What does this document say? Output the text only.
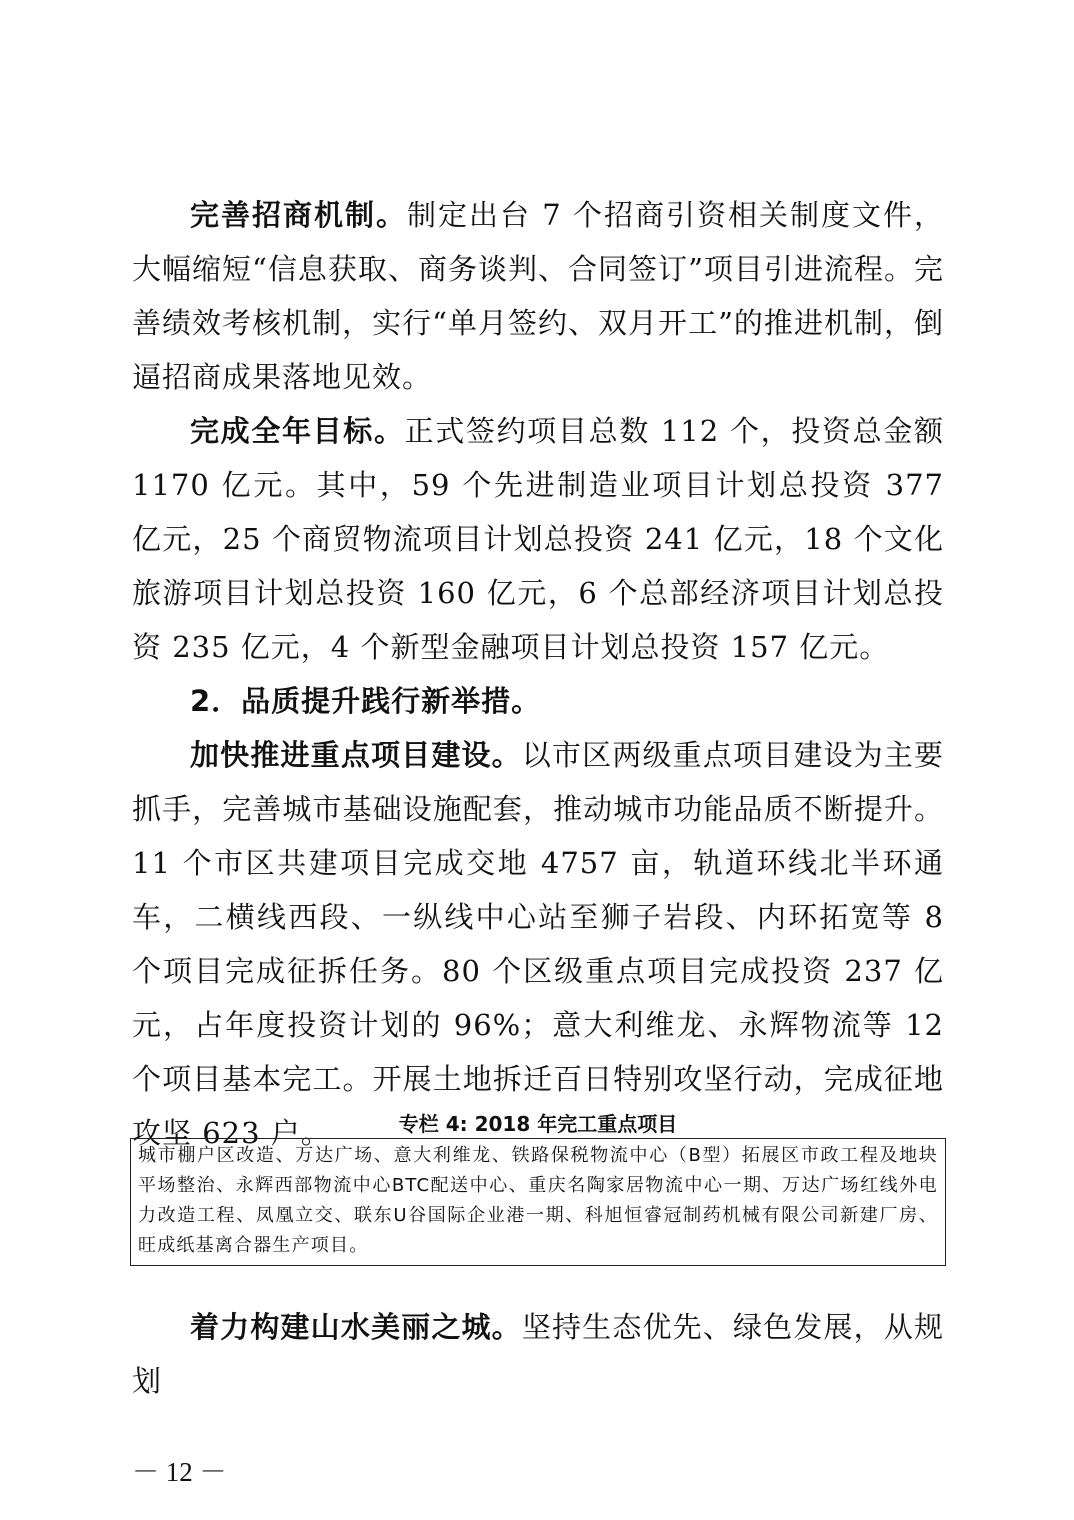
完善招商机制。制定出台 7 个招商引资相关制度文件，大幅缩短“信息获取、商务谈判、合同签订”项目引进流程。完善绩效考核机制，实行“单月签约、双月开工”的推进机制，倒逼招商成果落地见效。

完成全年目标。正式签约项目总数 112 个，投资总金额 1170 亿元。其中，59 个先进制造业项目计划总投资 377 亿元，25 个商贸物流项目计划总投资 241 亿元，18 个文化旅游项目计划总投资 160 亿元，6 个总部经济项目计划总投资 235 亿元，4 个新型金融项目计划总投资 157 亿元。

2．品质提升践行新举措。

加快推进重点项目建设。以市区两级重点项目建设为主要抓手，完善城市基础设施配套，推动城市功能品质不断提升。11 个市区共建项目完成交地 4757 亩，轨道环线北半环通车，二横线西段、一纵线中心站至狮子岩段、内环拓宽等 8 个项目完成征拆任务。80 个区级重点项目完成投资 237 亿元，占年度投资计划的 96%；意大利维龙、永辉物流等 12 个项目基本完工。开展土地拆迁百日特别攻坚行动，完成征地攻坚 623 户。	专栏 4: 2018 年完工重点项目
城市棚户区改造、万达广场、意大利维龙、铁路保税物流中心（B型）拓展区市政工程及地块平场整治、永辉西部物流中心BTC配送中心、重庆名陶家居物流中心一期、万达广场红线外电力改造工程、凤凰立交、联东U谷国际企业港一期、科旭恒睿冠制药机械有限公司新建厂房、旺成纸基离合器生产项目。

着力构建山水美丽之城。坚持生态优先、绿色发展，从规划

－ 12 －
